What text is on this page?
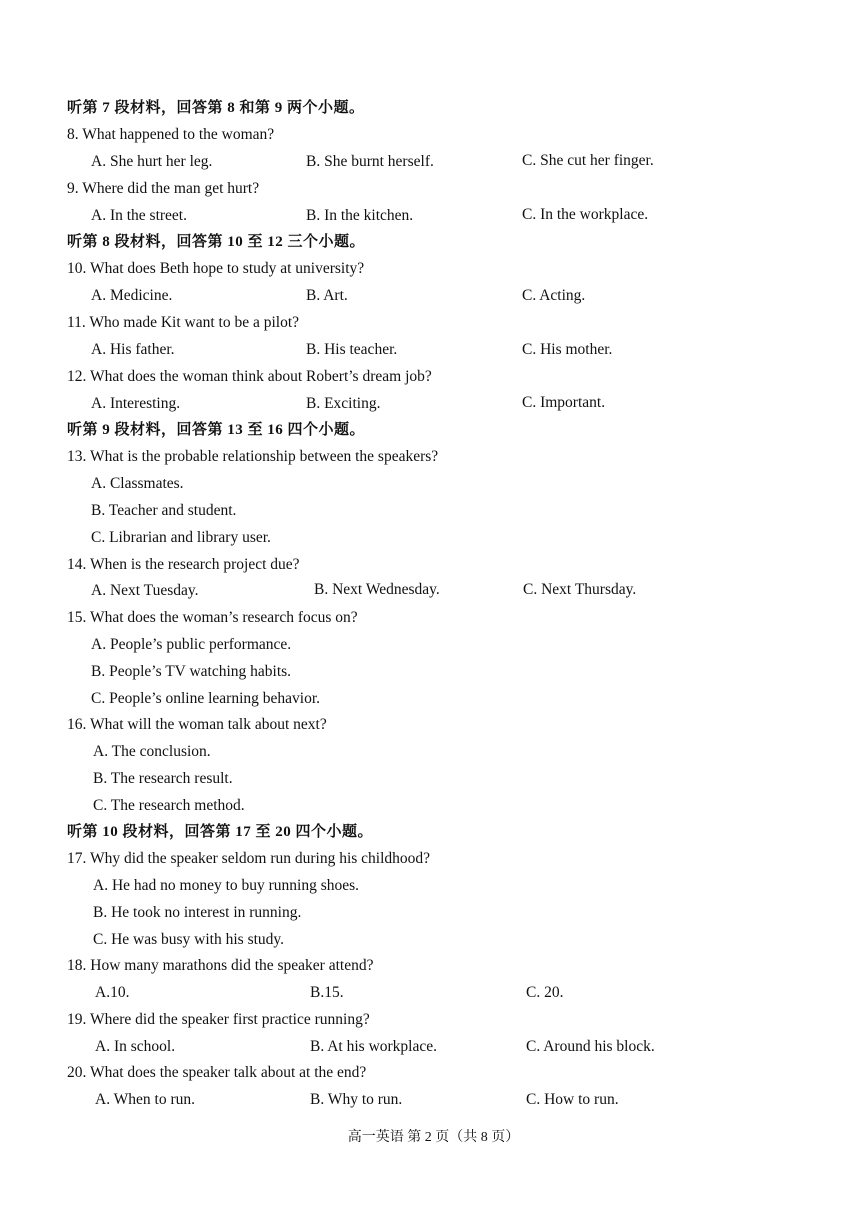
听第 7 段材料，回答第 8 和第 9 两个小题。
8. What happened to the woman?
A. She hurt her leg.	B. She burnt herself.	C. She cut her finger.
9. Where did the man get hurt?
A. In the street.	B. In the kitchen.	C. In the workplace.
听第 8 段材料，回答第 10 至 12 三个小题。
10. What does Beth hope to study at university?
A. Medicine.	B. Art.	C. Acting.
11. Who made Kit want to be a pilot?
A. His father.	B. His teacher.	C. His mother.
12. What does the woman think about Robert’s dream job?
A. Interesting.	B. Exciting.	C. Important.
听第 9 段材料，回答第 13 至 16 四个小题。
13. What is the probable relationship between the speakers?
A. Classmates.
B. Teacher and student.
C. Librarian and library user.
14. When is the research project due?
A. Next Tuesday.	B. Next Wednesday.	C. Next Thursday.
15. What does the woman’s research focus on?
A. People’s public performance.
B. People’s TV watching habits.
C. People’s online learning behavior.
16. What will the woman talk about next?
A. The conclusion.
B. The research result.
C. The research method.
听第 10 段材料，回答第 17 至 20 四个小题。
17. Why did the speaker seldom run during his childhood?
A. He had no money to buy running shoes.
B. He took no interest in running.
C. He was busy with his study.
18. How many marathons did the speaker attend?
A.10.	B.15.	C. 20.
19. Where did the speaker first practice running?
A. In school.	B. At his workplace.	C. Around his block.
20. What does the speaker talk about at the end?
A. When to run.	B. Why to run.	C. How to run.
高一英语 第 2 页（共 8 页）
